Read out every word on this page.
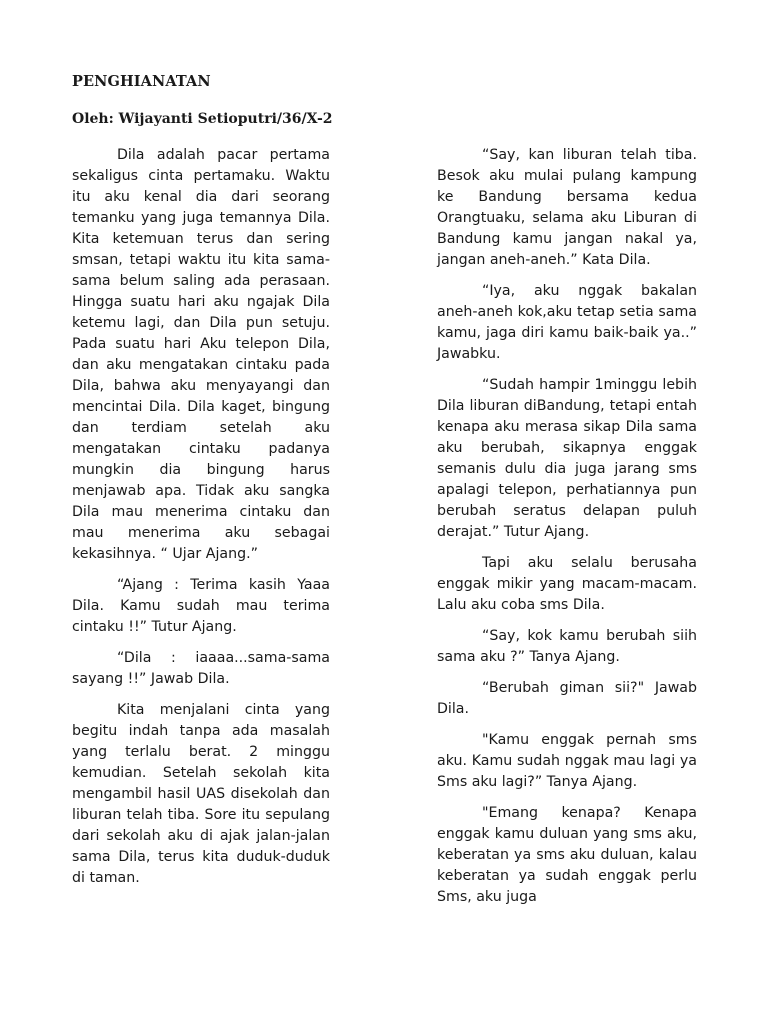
PENGHIANATAN
Oleh: Wijayanti Setioputri/36/X-2

Dila adalah pacar pertama sekaligus cinta pertamaku. Waktu itu aku kenal dia dari seorang temanku yang juga temannya Dila. Kita ketemuan terus dan sering smsan, tetapi waktu itu kita sama-sama belum saling ada perasaan. Hingga suatu hari aku ngajak Dila ketemu lagi, dan Dila pun setuju. Pada suatu hari Aku telepon Dila, dan aku mengatakan cintaku pada Dila, bahwa aku menyayangi dan mencintai Dila. Dila kaget, bingung dan terdiam setelah aku mengatakan cintaku padanya mungkin dia bingung harus menjawab apa. Tidak aku sangka Dila mau menerima cintaku dan mau menerima aku sebagai kekasihnya. “ Ujar Ajang.”

“Ajang : Terima kasih Yaaa Dila. Kamu sudah mau terima cintaku !!” Tutur Ajang.

“Dila : iaaaa...sama-sama sayang !!” Jawab Dila.

Kita menjalani cinta yang begitu indah tanpa ada masalah yang terlalu berat. 2 minggu kemudian. Setelah sekolah kita mengambil hasil UAS disekolah dan liburan telah tiba. Sore itu sepulang dari sekolah aku di ajak jalan-jalan sama Dila, terus kita duduk-duduk di taman.

“Say, kan liburan telah tiba. Besok aku mulai pulang kampung ke Bandung bersama kedua Orangtuaku, selama aku Liburan di Bandung kamu jangan nakal ya, jangan aneh-aneh.” Kata Dila.

“Iya, aku nggak bakalan aneh-aneh kok,aku tetap setia sama kamu, jaga diri kamu baik-baik ya..” Jawabku.

“Sudah hampir 1minggu lebih Dila liburan diBandung, tetapi entah kenapa aku merasa sikap Dila sama aku berubah, sikapnya enggak semanis dulu dia juga jarang sms apalagi telepon, perhatiannya pun berubah seratus delapan puluh derajat.” Tutur Ajang.

Tapi aku selalu berusaha enggak mikir yang macam-macam. Lalu aku coba sms Dila.

“Say, kok kamu berubah siih sama aku ?” Tanya Ajang.

“Berubah giman sii?" Jawab Dila.

"Kamu enggak pernah sms aku. Kamu sudah nggak mau lagi ya Sms aku lagi?” Tanya Ajang.

"Emang kenapa? Kenapa enggak kamu duluan yang sms aku, keberatan ya sms aku duluan, kalau keberatan ya sudah enggak perlu Sms, aku juga
